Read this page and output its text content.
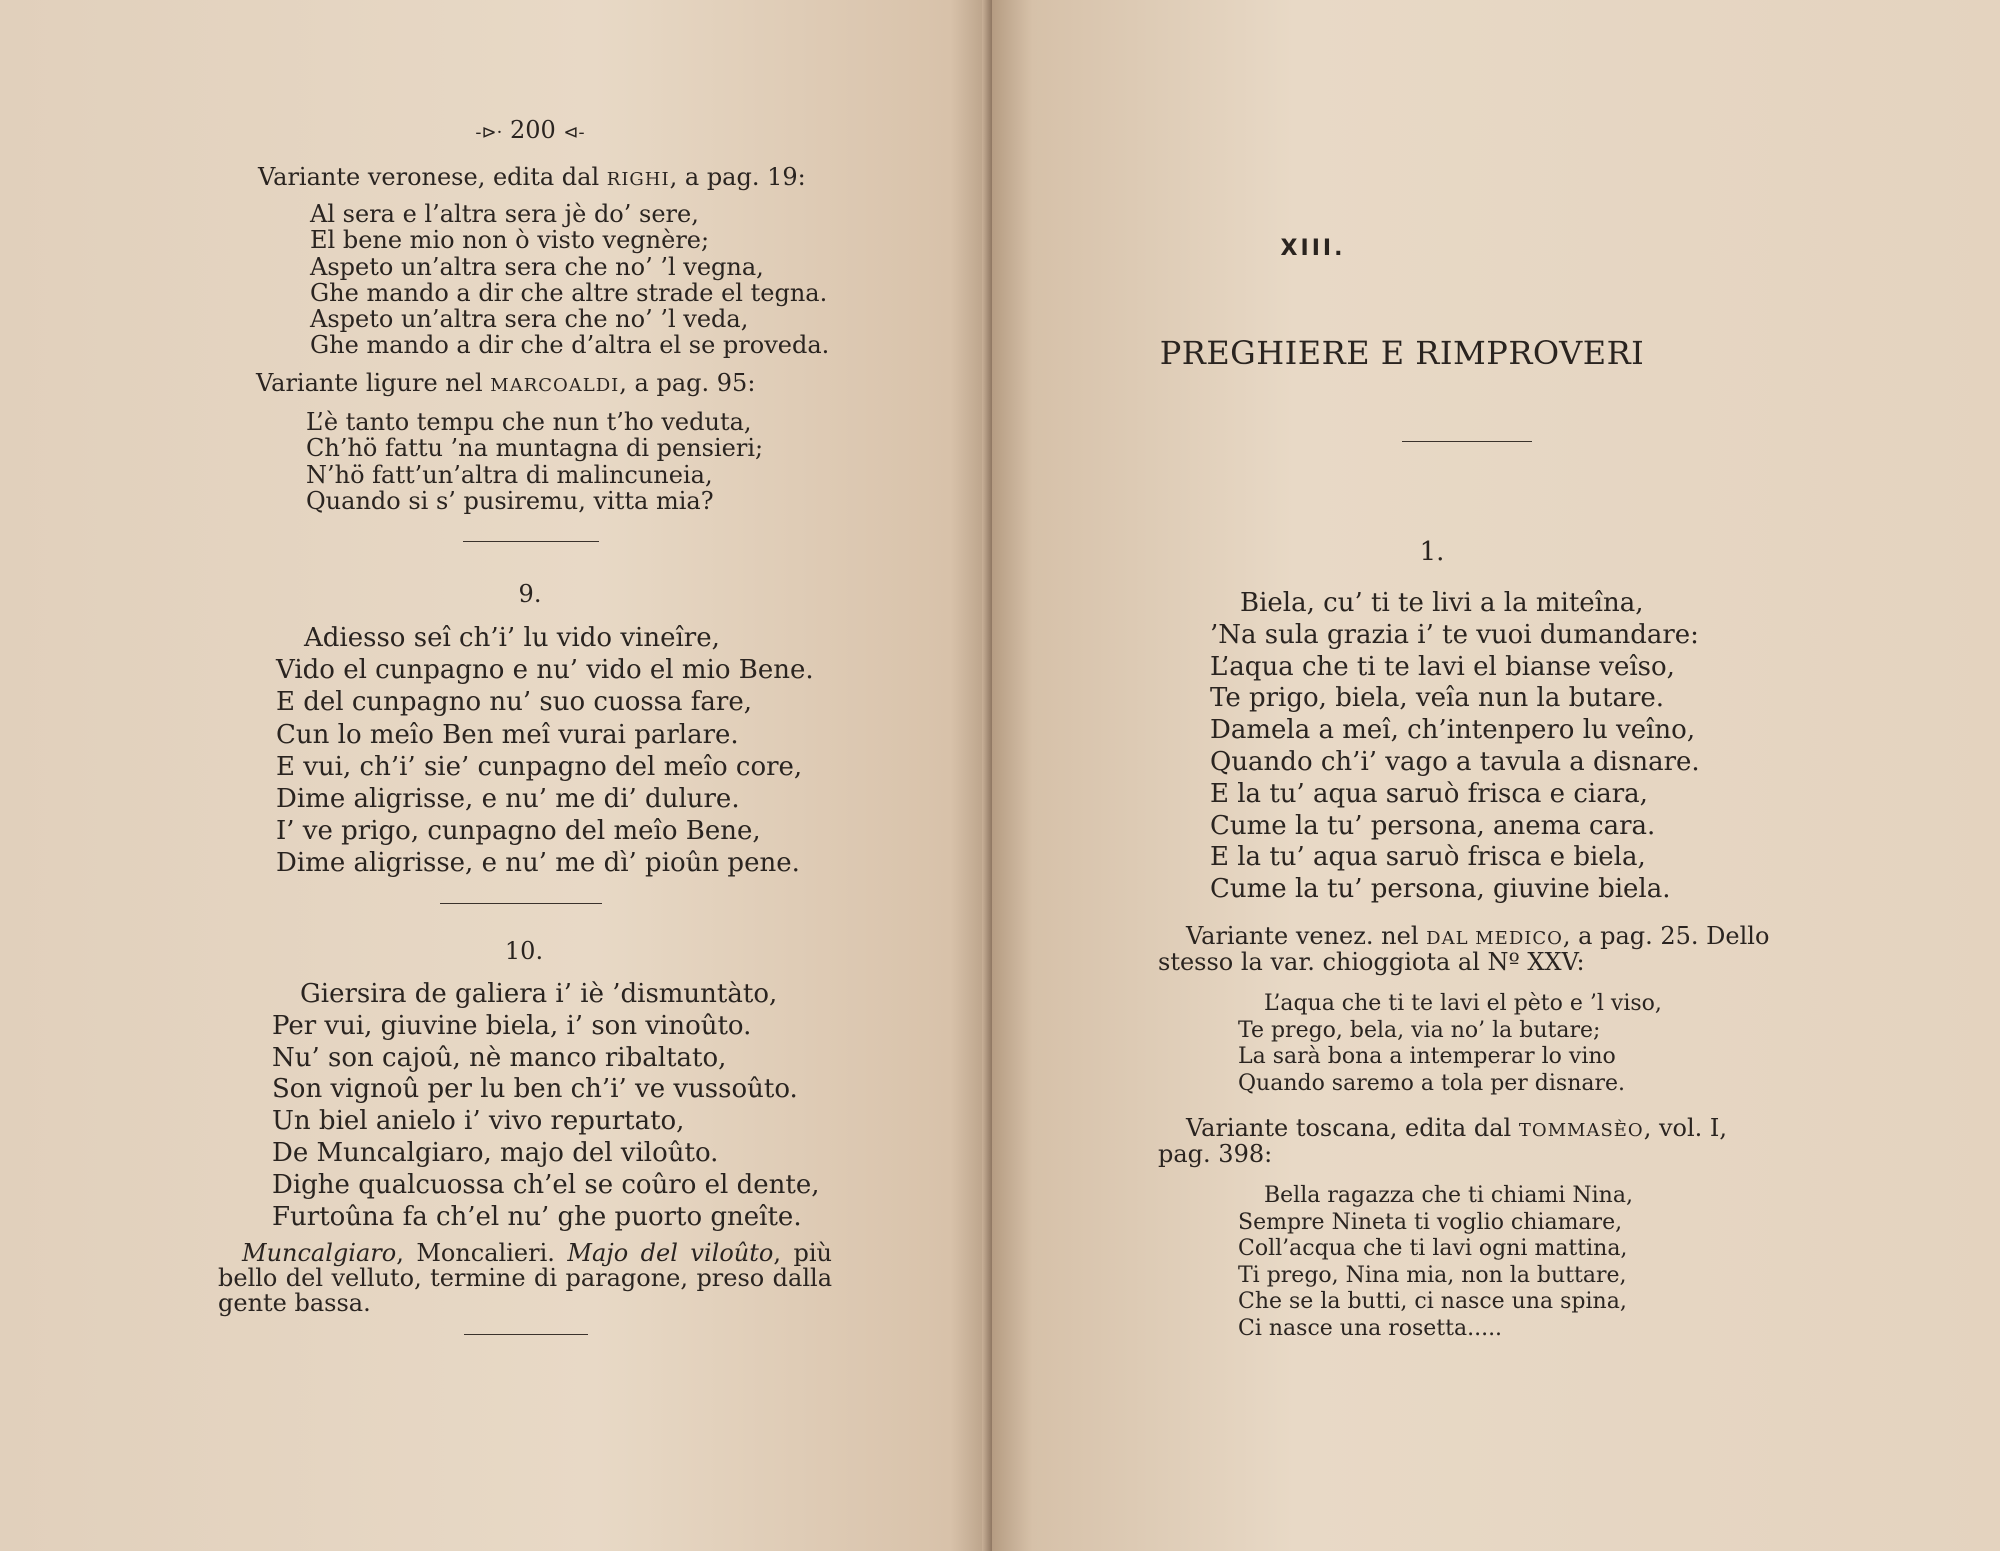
-⊳· 200 ⊲-
Variante veronese, edita dal RIGHI, a pag. 19:
Al sera e l’altra sera jè do’ sere,
El bene mio non ò visto vegnère;
Aspeto un’altra sera che no’ ’l vegna,
Ghe mando a dir che altre strade el tegna.
Aspeto un’altra sera che no’ ’l veda,
Ghe mando a dir che d’altra el se proveda.
Variante ligure nel MARCOALDI, a pag. 95:
L’è tanto tempu che nun t’ho veduta,
Ch’hö fattu ’na muntagna di pensieri;
N’hö fatt’un’altra di malincuneia,
Quando si s’ pusiremu, vitta mia?
9.
Adiesso seî ch’i’ lu vido vineîre,
Vido el cunpagno e nu’ vido el mio Bene.
E del cunpagno nu’ suo cuossa fare,
Cun lo meîo Ben meî vurai parlare.
E vui, ch’i’ sie’ cunpagno del meîo core,
Dime aligrisse, e nu’ me di’ dulure.
I’ ve prigo, cunpagno del meîo Bene,
Dime aligrisse, e nu’ me dì’ pioûn pene.
10.
Giersira de galiera i’ iè ’dismuntàto,
Per vui, giuvine biela, i’ son vinoûto.
Nu’ son cajoû, nè manco ribaltato,
Son vignoû per lu ben ch’i’ ve vussoûto.
Un biel anielo i’ vivo repurtato,
De Muncalgiaro, majo del viloûto.
Dighe qualcuossa ch’el se coûro el dente,
Furtoûna fa ch’el nu’ ghe puorto gneîte.
Muncalgiaro, Moncalieri. Majo del viloûto, più bello del velluto, termine di paragone, preso dalla gente bassa.
XIII.
PREGHIERE E RIMPROVERI
1.
Biela, cu’ ti te livi a la miteîna,
’Na sula grazia i’ te vuoi dumandare:
L’aqua che ti te lavi el bianse veîso,
Te prigo, biela, veîa nun la butare.
Damela a meî, ch’intenpero lu veîno,
Quando ch’i’ vago a tavula a disnare.
E la tu’ aqua saruò frisca e ciara,
Cume la tu’ persona, anema cara.
E la tu’ aqua saruò frisca e biela,
Cume la tu’ persona, giuvine biela.
Variante venez. nel DAL MEDICO, a pag. 25. Dello
stesso la var. chioggiota al Nº XXV:
L’aqua che ti te lavi el pèto e ’l viso,
Te prego, bela, via no’ la butare;
La sarà bona a intemperar lo vino
Quando saremo a tola per disnare.
Variante toscana, edita dal TOMMASÈO, vol. I,
pag. 398:
Bella ragazza che ti chiami Nina,
Sempre Nineta ti voglio chiamare,
Coll’acqua che ti lavi ogni mattina,
Ti prego, Nina mia, non la buttare,
Che se la butti, ci nasce una spina,
Ci nasce una rosetta.....
